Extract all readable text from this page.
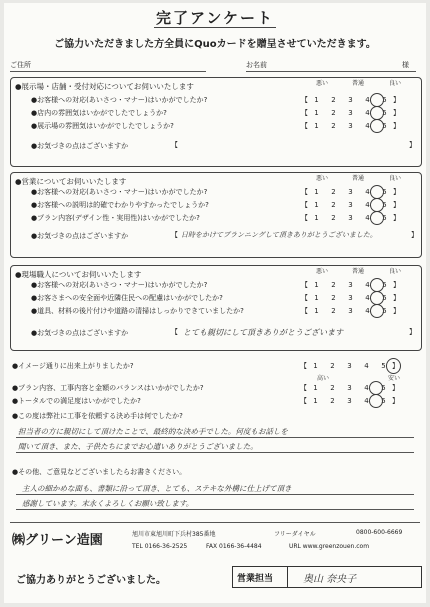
完了アンケート
ご協力いただきました方全員にQuoカードを贈呈させていただきます。
ご住所	お名前	様
●展示場・店舗・受付対応についてお伺いいたします	悪い	普通	良い
●お客様への対応(あいさつ・マナー)はいかがでしたか?	【 1 2 3 4 5 】
●店内の雰囲気はいかがでしたでしょうか?	【 1 2 3 4 5 】
●展示場の雰囲気はいかがでしたでしょうか?	【 1 2 3 4 5 】
●お気づきの点はございますか	【	】
●営業についてお伺いいたします	悪い	普通	良い
●お客様への対応(あいさつ・マナー)はいかがでしたか?	【 1 2 3 4 5 】
●お客様への説明は的確でわかりやすかったでしょうか?	【 1 2 3 4 5 】
●プラン内容(デザイン性・実用性)はいかがでしたか?	【 1 2 3 4 5 】
●お気づきの点はございますか	【 日時をかけてプランニングして頂きありがとうございました。	】
●現場職人についてお伺いいたします	悪い	普通	良い
●お客様への対応(あいさつ・マナー)はいかがでしたか?	【 1 2 3 4 5 】
●お客さまへの安全面や近隣住民への配慮はいかがでしたか?	【 1 2 3 4 5 】
●道具、材料の後片付けや道路の清掃はしっかりできていましたか?	【 1 2 3 4 5 】
●お気づきの点はございますか	【 とても親切にして頂きありがとうございます	】
●イメージ通りに出来上がりましたか?	【 1 2 3 4 5 】
高い	安い
●プラン内容、工事内容と金額のバランスはいかがでしたか?	【 1 2 3 4 5 】
●トータルでの満足度はいかがでしたか?	【 1 2 3 4 5 】
●この度は弊社に工事を依頼する決め手は何でしたか?
担当者の方に親切にして頂けたことで、最終的な決め手でした。何度もお話しを
聞いて頂き、また、子供たちにまでお心遣いありがとうございました。
●その他、ご意見などございましたらお書きください。
主人の細かめな面も、書類に沿って頂き、とても、ステキな外構に仕上げて頂き
感謝しています。末永くよろしくお願い致します。
㈱グリーン造園	旭川市東旭川町下兵村385番地	フリーダイヤル	0800-600-6669
TEL 0166-36-2525	FAX 0166-36-4484	URL www.greenzouen.com
ご協力ありがとうございました。	営業担当	奥山 奈央子
